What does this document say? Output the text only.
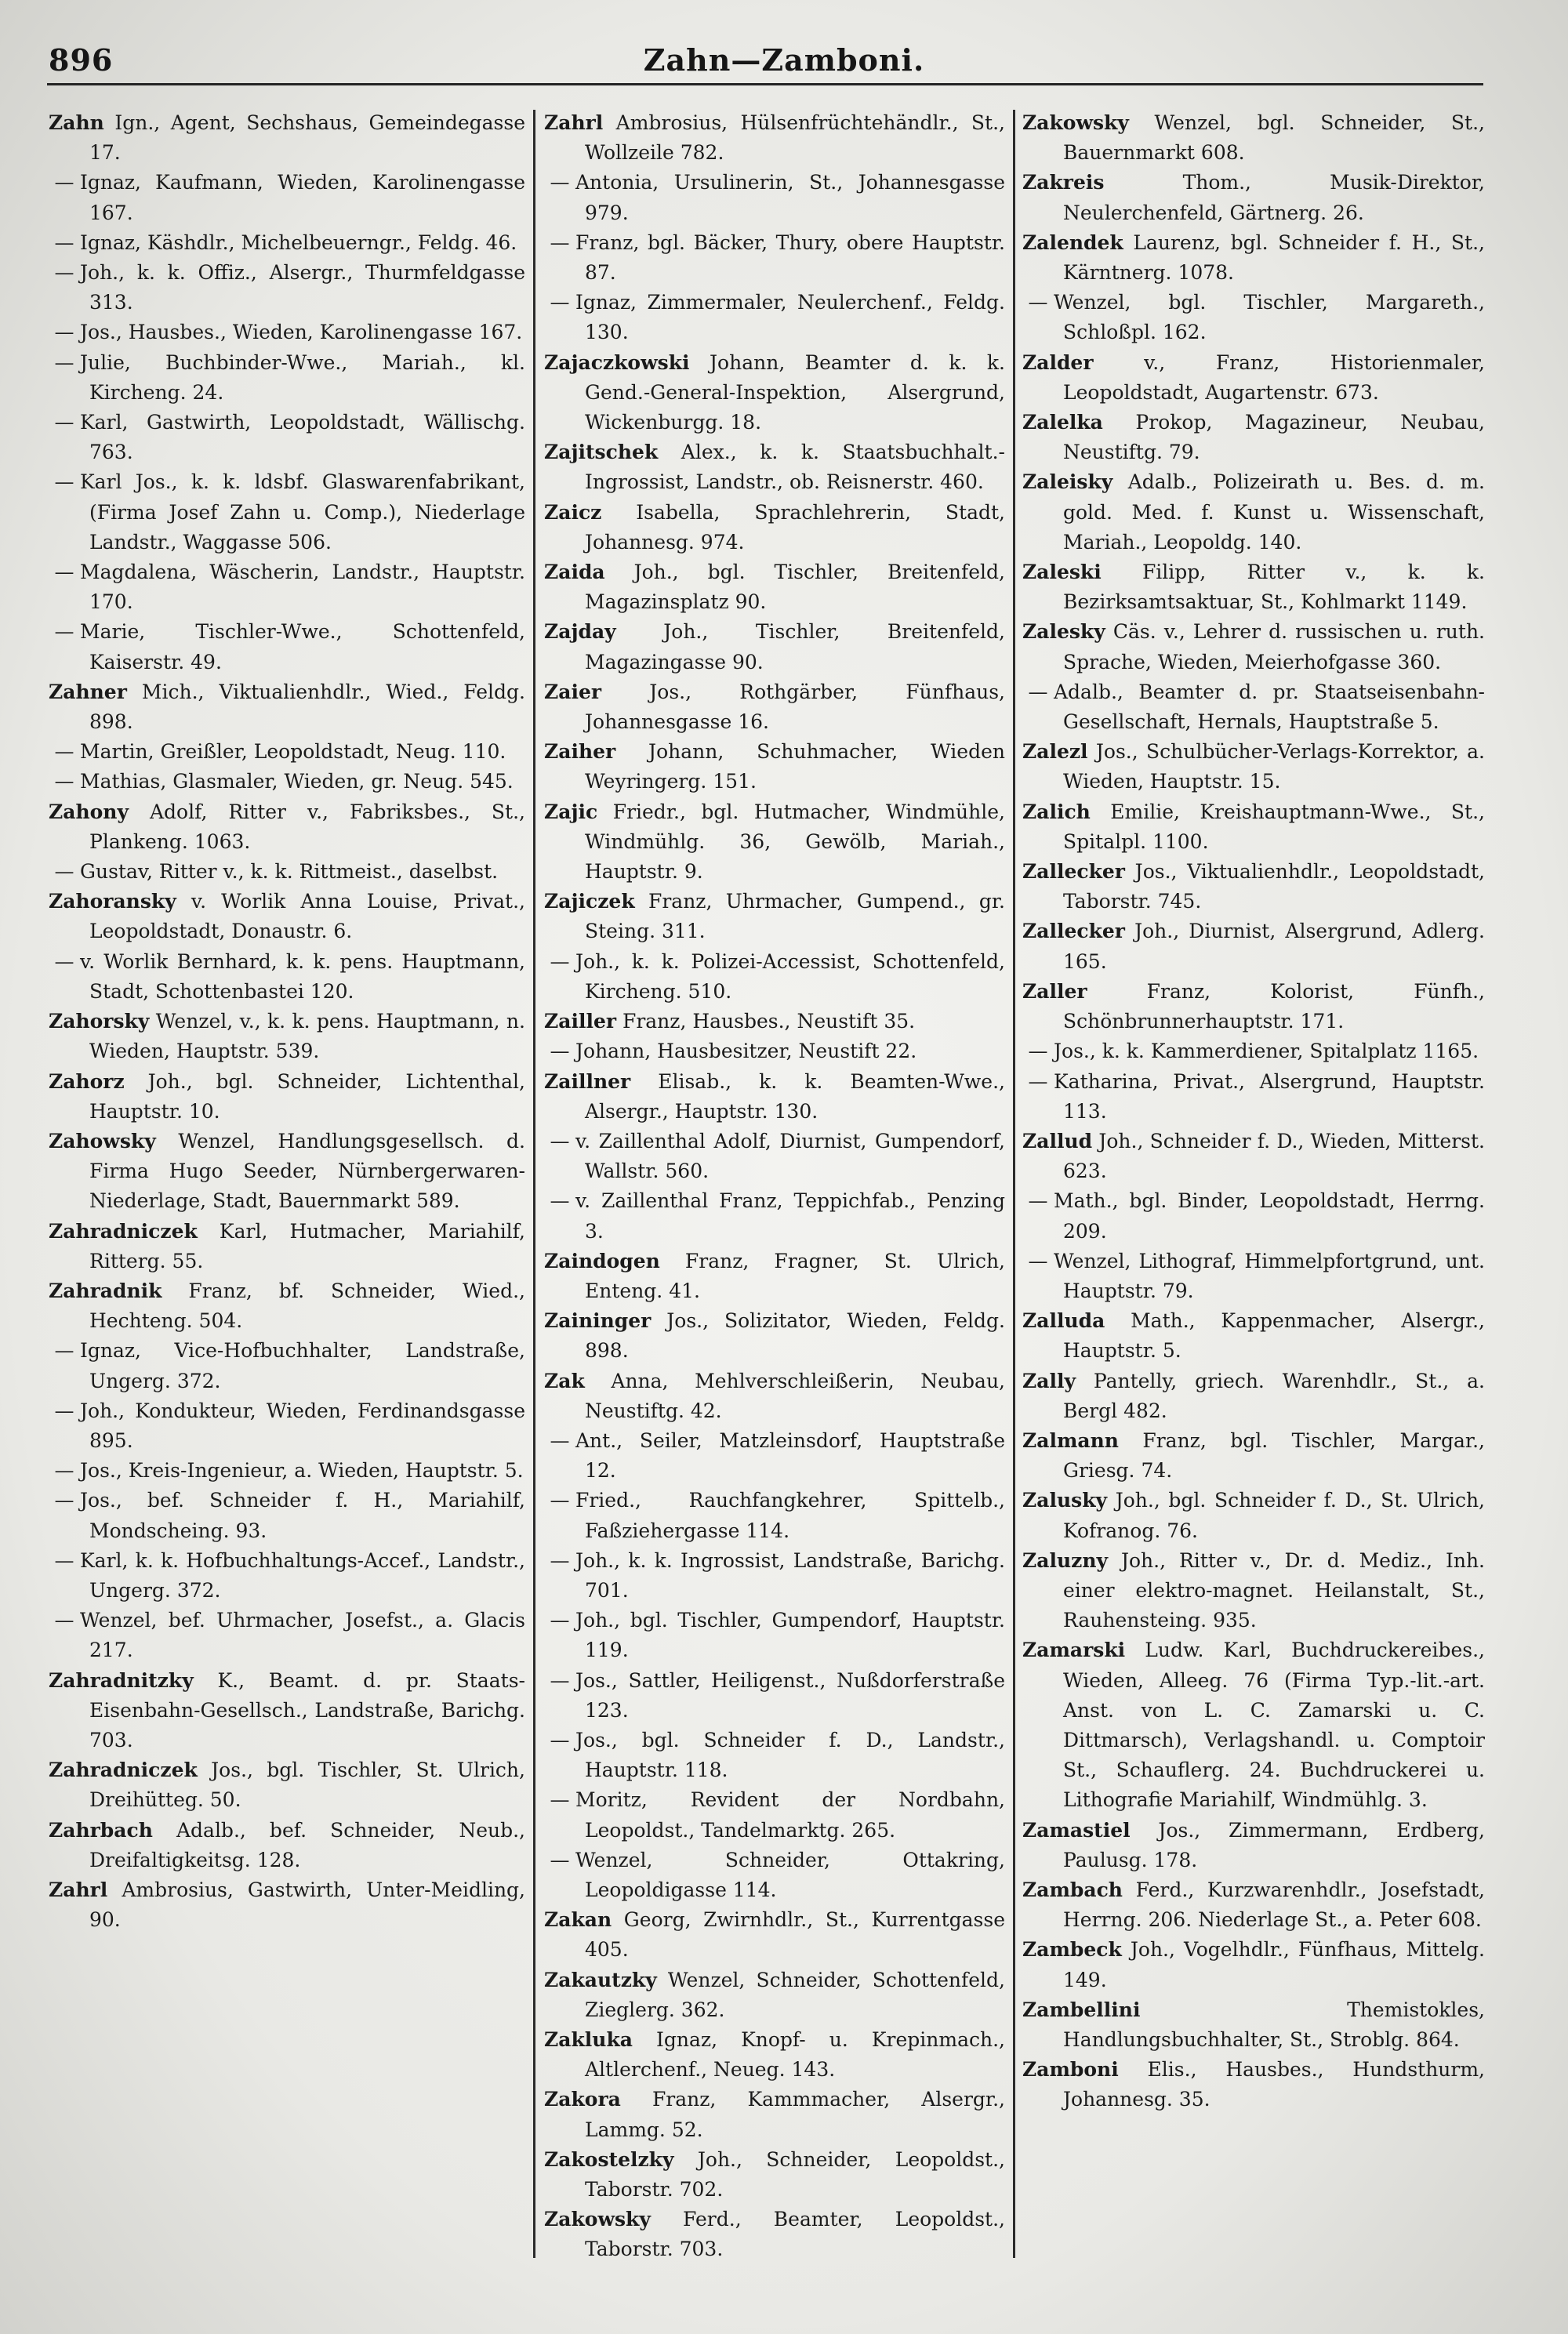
896	Zahn—Zamboni.

Zahn Ign., Agent, Sechshaus, Gemeindegasse 17.

— Ignaz, Kaufmann, Wieden, Karolinengasse 167.

— Ignaz, Käshdlr., Michelbeuerngr., Feldg. 46.

— Joh., k. k. Offiz., Alsergr., Thurmfeldgasse 313.

— Jos., Hausbes., Wieden, Karolinengasse 167.

— Julie, Buchbinder-Wwe., Mariah., kl. Kircheng. 24.

— Karl, Gastwirth, Leopoldstadt, Wällischg. 763.

— Karl Jos., k. k. ldsbf. Glaswarenfabrikant, (Firma Josef Zahn u. Comp.), Niederlage Landstr., Waggasse 506.

— Magdalena, Wäscherin, Landstr., Hauptstr. 170.

— Marie, Tischler-Wwe., Schottenfeld, Kaiserstr. 49.

Zahner Mich., Viktualienhdlr., Wied., Feldg. 898.

— Martin, Greißler, Leopoldstadt, Neug. 110.

— Mathias, Glasmaler, Wieden, gr. Neug. 545.

Zahony Adolf, Ritter v., Fabriksbes., St., Plankeng. 1063.

— Gustav, Ritter v., k. k. Rittmeist., daselbst.

Zahoransky v. Worlik Anna Louise, Privat., Leopoldstadt, Donaustr. 6.

— v. Worlik Bernhard, k. k. pens. Hauptmann, Stadt, Schottenbastei 120.

Zahorsky Wenzel, v., k. k. pens. Hauptmann, n. Wieden, Hauptstr. 539.

Zahorz Joh., bgl. Schneider, Lichtenthal, Hauptstr. 10.

Zahowsky Wenzel, Handlungsgesellsch. d. Firma Hugo Seeder, Nürnbergerwaren-Niederlage, Stadt, Bauernmarkt 589.

Zahradniczek Karl, Hutmacher, Mariahilf, Ritterg. 55.

Zahradnik Franz, bf. Schneider, Wied., Hechteng. 504.

— Ignaz, Vice-Hofbuchhalter, Landstraße, Ungerg. 372.

— Joh., Kondukteur, Wieden, Ferdinandsgasse 895.

— Jos., Kreis-Ingenieur, a. Wieden, Hauptstr. 5.

— Jos., bef. Schneider f. H., Mariahilf, Mondscheing. 93.

— Karl, k. k. Hofbuchhaltungs-Accef., Landstr., Ungerg. 372.

— Wenzel, bef. Uhrmacher, Josefst., a. Glacis 217.

Zahradnitzky K., Beamt. d. pr. Staats-Eisenbahn-Gesellsch., Landstraße, Barichg. 703.

Zahradniczek Jos., bgl. Tischler, St. Ulrich, Dreihütteg. 50.

Zahrbach Adalb., bef. Schneider, Neub., Dreifaltigkeitsg. 128.

Zahrl Ambrosius, Gastwirth, Unter-Meidling, 90.

Zahrl Ambrosius, Hülsenfrüchtehändlr., St., Wollzeile 782.

— Antonia, Ursulinerin, St., Johannesgasse 979.

— Franz, bgl. Bäcker, Thury, obere Hauptstr. 87.

— Ignaz, Zimmermaler, Neulerchenf., Feldg. 130.

Zajaczkowski Johann, Beamter d. k. k. Gend.-General-Inspektion, Alsergrund, Wickenburgg. 18.

Zajitschek Alex., k. k. Staatsbuchhalt.-Ingrossist, Landstr., ob. Reisnerstr. 460.

Zaicz Isabella, Sprachlehrerin, Stadt, Johannesg. 974.

Zaida Joh., bgl. Tischler, Breitenfeld, Magazinsplatz 90.

Zajday Joh., Tischler, Breitenfeld, Magazingasse 90.

Zaier Jos., Rothgärber, Fünfhaus, Johannesgasse 16.

Zaiher Johann, Schuhmacher, Wieden Weyringerg. 151.

Zajic Friedr., bgl. Hutmacher, Windmühle, Windmühlg. 36, Gewölb, Mariah., Hauptstr. 9.

Zajiczek Franz, Uhrmacher, Gumpend., gr. Steing. 311.

— Joh., k. k. Polizei-Accessist, Schottenfeld, Kircheng. 510.

Zailler Franz, Hausbes., Neustift 35.

— Johann, Hausbesitzer, Neustift 22.

Zaillner Elisab., k. k. Beamten-Wwe., Alsergr., Hauptstr. 130.

— v. Zaillenthal Adolf, Diurnist, Gumpendorf, Wallstr. 560.

— v. Zaillenthal Franz, Teppichfab., Penzing 3.

Zaindogen Franz, Fragner, St. Ulrich, Enteng. 41.

Zaininger Jos., Solizitator, Wieden, Feldg. 898.

Zak Anna, Mehlverschleißerin, Neubau, Neustiftg. 42.

— Ant., Seiler, Matzleinsdorf, Hauptstraße 12.

— Fried., Rauchfangkehrer, Spittelb., Faßziehergasse 114.

— Joh., k. k. Ingrossist, Landstraße, Barichg. 701.

— Joh., bgl. Tischler, Gumpendorf, Hauptstr. 119.

— Jos., Sattler, Heiligenst., Nußdorferstraße 123.

— Jos., bgl. Schneider f. D., Landstr., Hauptstr. 118.

— Moritz, Revident der Nordbahn, Leopoldst., Tandelmarktg. 265.

— Wenzel, Schneider, Ottakring, Leopoldigasse 114.

Zakan Georg, Zwirnhdlr., St., Kurrentgasse 405.

Zakautzky Wenzel, Schneider, Schottenfeld, Zieglerg. 362.

Zakluka Ignaz, Knopf- u. Krepinmach., Altlerchenf., Neueg. 143.

Zakora Franz, Kammmacher, Alsergr., Lammg. 52.

Zakostelzky Joh., Schneider, Leopoldst., Taborstr. 702.

Zakowsky Ferd., Beamter, Leopoldst., Taborstr. 703.

Zakowsky Wenzel, bgl. Schneider, St., Bauernmarkt 608.

Zakreis Thom., Musik-Direktor, Neulerchenfeld, Gärtnerg. 26.

Zalendek Laurenz, bgl. Schneider f. H., St., Kärntnerg. 1078.

— Wenzel, bgl. Tischler, Margareth., Schloßpl. 162.

Zalder v., Franz, Historienmaler, Leopoldstadt, Augartenstr. 673.

Zalelka Prokop, Magazineur, Neubau, Neustiftg. 79.

Zaleisky Adalb., Polizeirath u. Bes. d. m. gold. Med. f. Kunst u. Wissenschaft, Mariah., Leopoldg. 140.

Zaleski Filipp, Ritter v., k. k. Bezirksamtsaktuar, St., Kohlmarkt 1149.

Zalesky Cäs. v., Lehrer d. russischen u. ruth. Sprache, Wieden, Meierhofgasse 360.

— Adalb., Beamter d. pr. Staatseisenbahn-Gesellschaft, Hernals, Hauptstraße 5.

Zalezl Jos., Schulbücher-Verlags-Korrektor, a. Wieden, Hauptstr. 15.

Zalich Emilie, Kreishauptmann-Wwe., St., Spitalpl. 1100.

Zallecker Jos., Viktualienhdlr., Leopoldstadt, Taborstr. 745.

Zallecker Joh., Diurnist, Alsergrund, Adlerg. 165.

Zaller Franz, Kolorist, Fünfh., Schönbrunnerhauptstr. 171.

— Jos., k. k. Kammerdiener, Spitalplatz 1165.

— Katharina, Privat., Alsergrund, Hauptstr. 113.

Zallud Joh., Schneider f. D., Wieden, Mitterst. 623.

— Math., bgl. Binder, Leopoldstadt, Herrng. 209.

— Wenzel, Lithograf, Himmelpfortgrund, unt. Hauptstr. 79.

Zalluda Math., Kappenmacher, Alsergr., Hauptstr. 5.

Zally Pantelly, griech. Warenhdlr., St., a. Bergl 482.

Zalmann Franz, bgl. Tischler, Margar., Griesg. 74.

Zalusky Joh., bgl. Schneider f. D., St. Ulrich, Kofranog. 76.

Zaluzny Joh., Ritter v., Dr. d. Mediz., Inh. einer elektro-magnet. Heilanstalt, St., Rauhensteing. 935.

Zamarski Ludw. Karl, Buchdruckereibes., Wieden, Alleeg. 76 (Firma Typ.-lit.-art. Anst. von L. C. Zamarski u. C. Dittmarsch), Verlagshandl. u. Comptoir St., Schauflerg. 24. Buchdruckerei u. Lithografie Mariahilf, Windmühlg. 3.

Zamastiel Jos., Zimmermann, Erdberg, Paulusg. 178.

Zambach Ferd., Kurzwarenhdlr., Josefstadt, Herrng. 206. Niederlage St., a. Peter 608.

Zambeck Joh., Vogelhdlr., Fünfhaus, Mittelg. 149.

Zambellini Themistokles, Handlungsbuchhalter, St., Stroblg. 864.

Zamboni Elis., Hausbes., Hundsthurm, Johannesg. 35.
